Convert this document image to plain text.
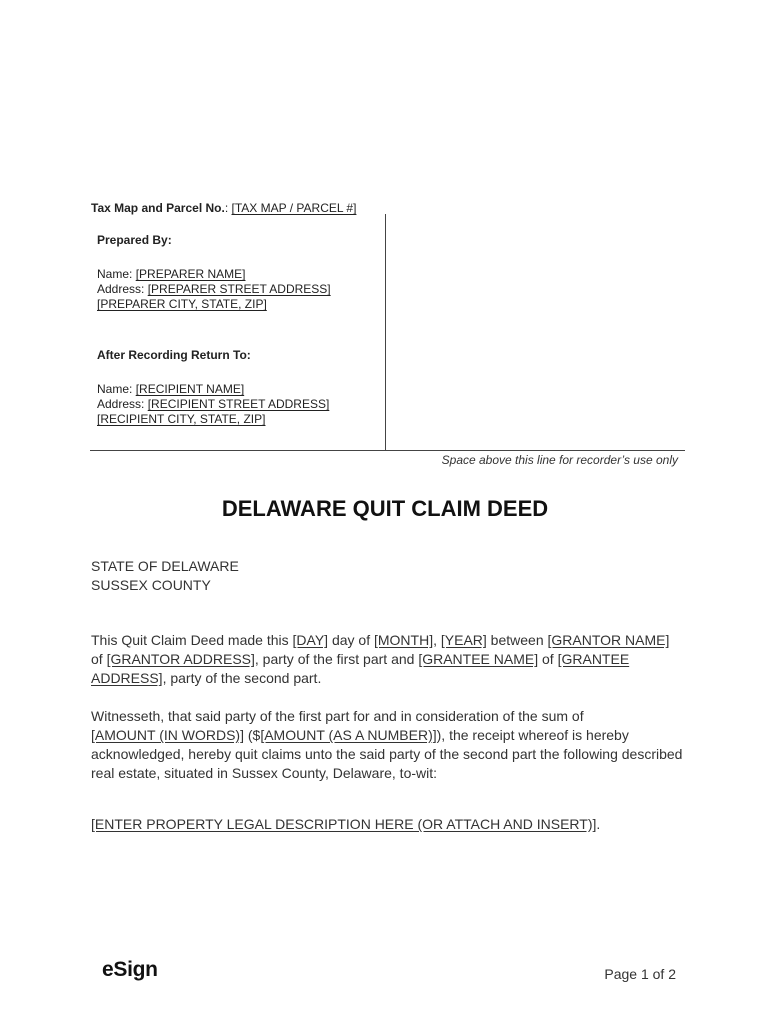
Tax Map and Parcel No.: [TAX MAP / PARCEL #]
Prepared By:
Name: [PREPARER NAME]
Address: [PREPARER STREET ADDRESS]
[PREPARER CITY, STATE, ZIP]
After Recording Return To:
Name: [RECIPIENT NAME]
Address: [RECIPIENT STREET ADDRESS]
[RECIPIENT CITY, STATE, ZIP]
Space above this line for recorder’s use only
DELAWARE QUIT CLAIM DEED
STATE OF DELAWARE
SUSSEX COUNTY
This Quit Claim Deed made this [DAY] day of [MONTH], [YEAR] between [GRANTOR NAME]
of [GRANTOR ADDRESS], party of the first part and [GRANTEE NAME] of [GRANTEE
ADDRESS], party of the second part.
Witnesseth, that said party of the first part for and in consideration of the sum of
[AMOUNT (IN WORDS)] ($[AMOUNT (AS A NUMBER)]), the receipt whereof is hereby acknowledged, hereby quit claims unto the said party of the second part the following described real estate, situated in Sussex County, Delaware, to-wit:
[ENTER PROPERTY LEGAL DESCRIPTION HERE (OR ATTACH AND INSERT)].
eSign	Page 1 of 2
